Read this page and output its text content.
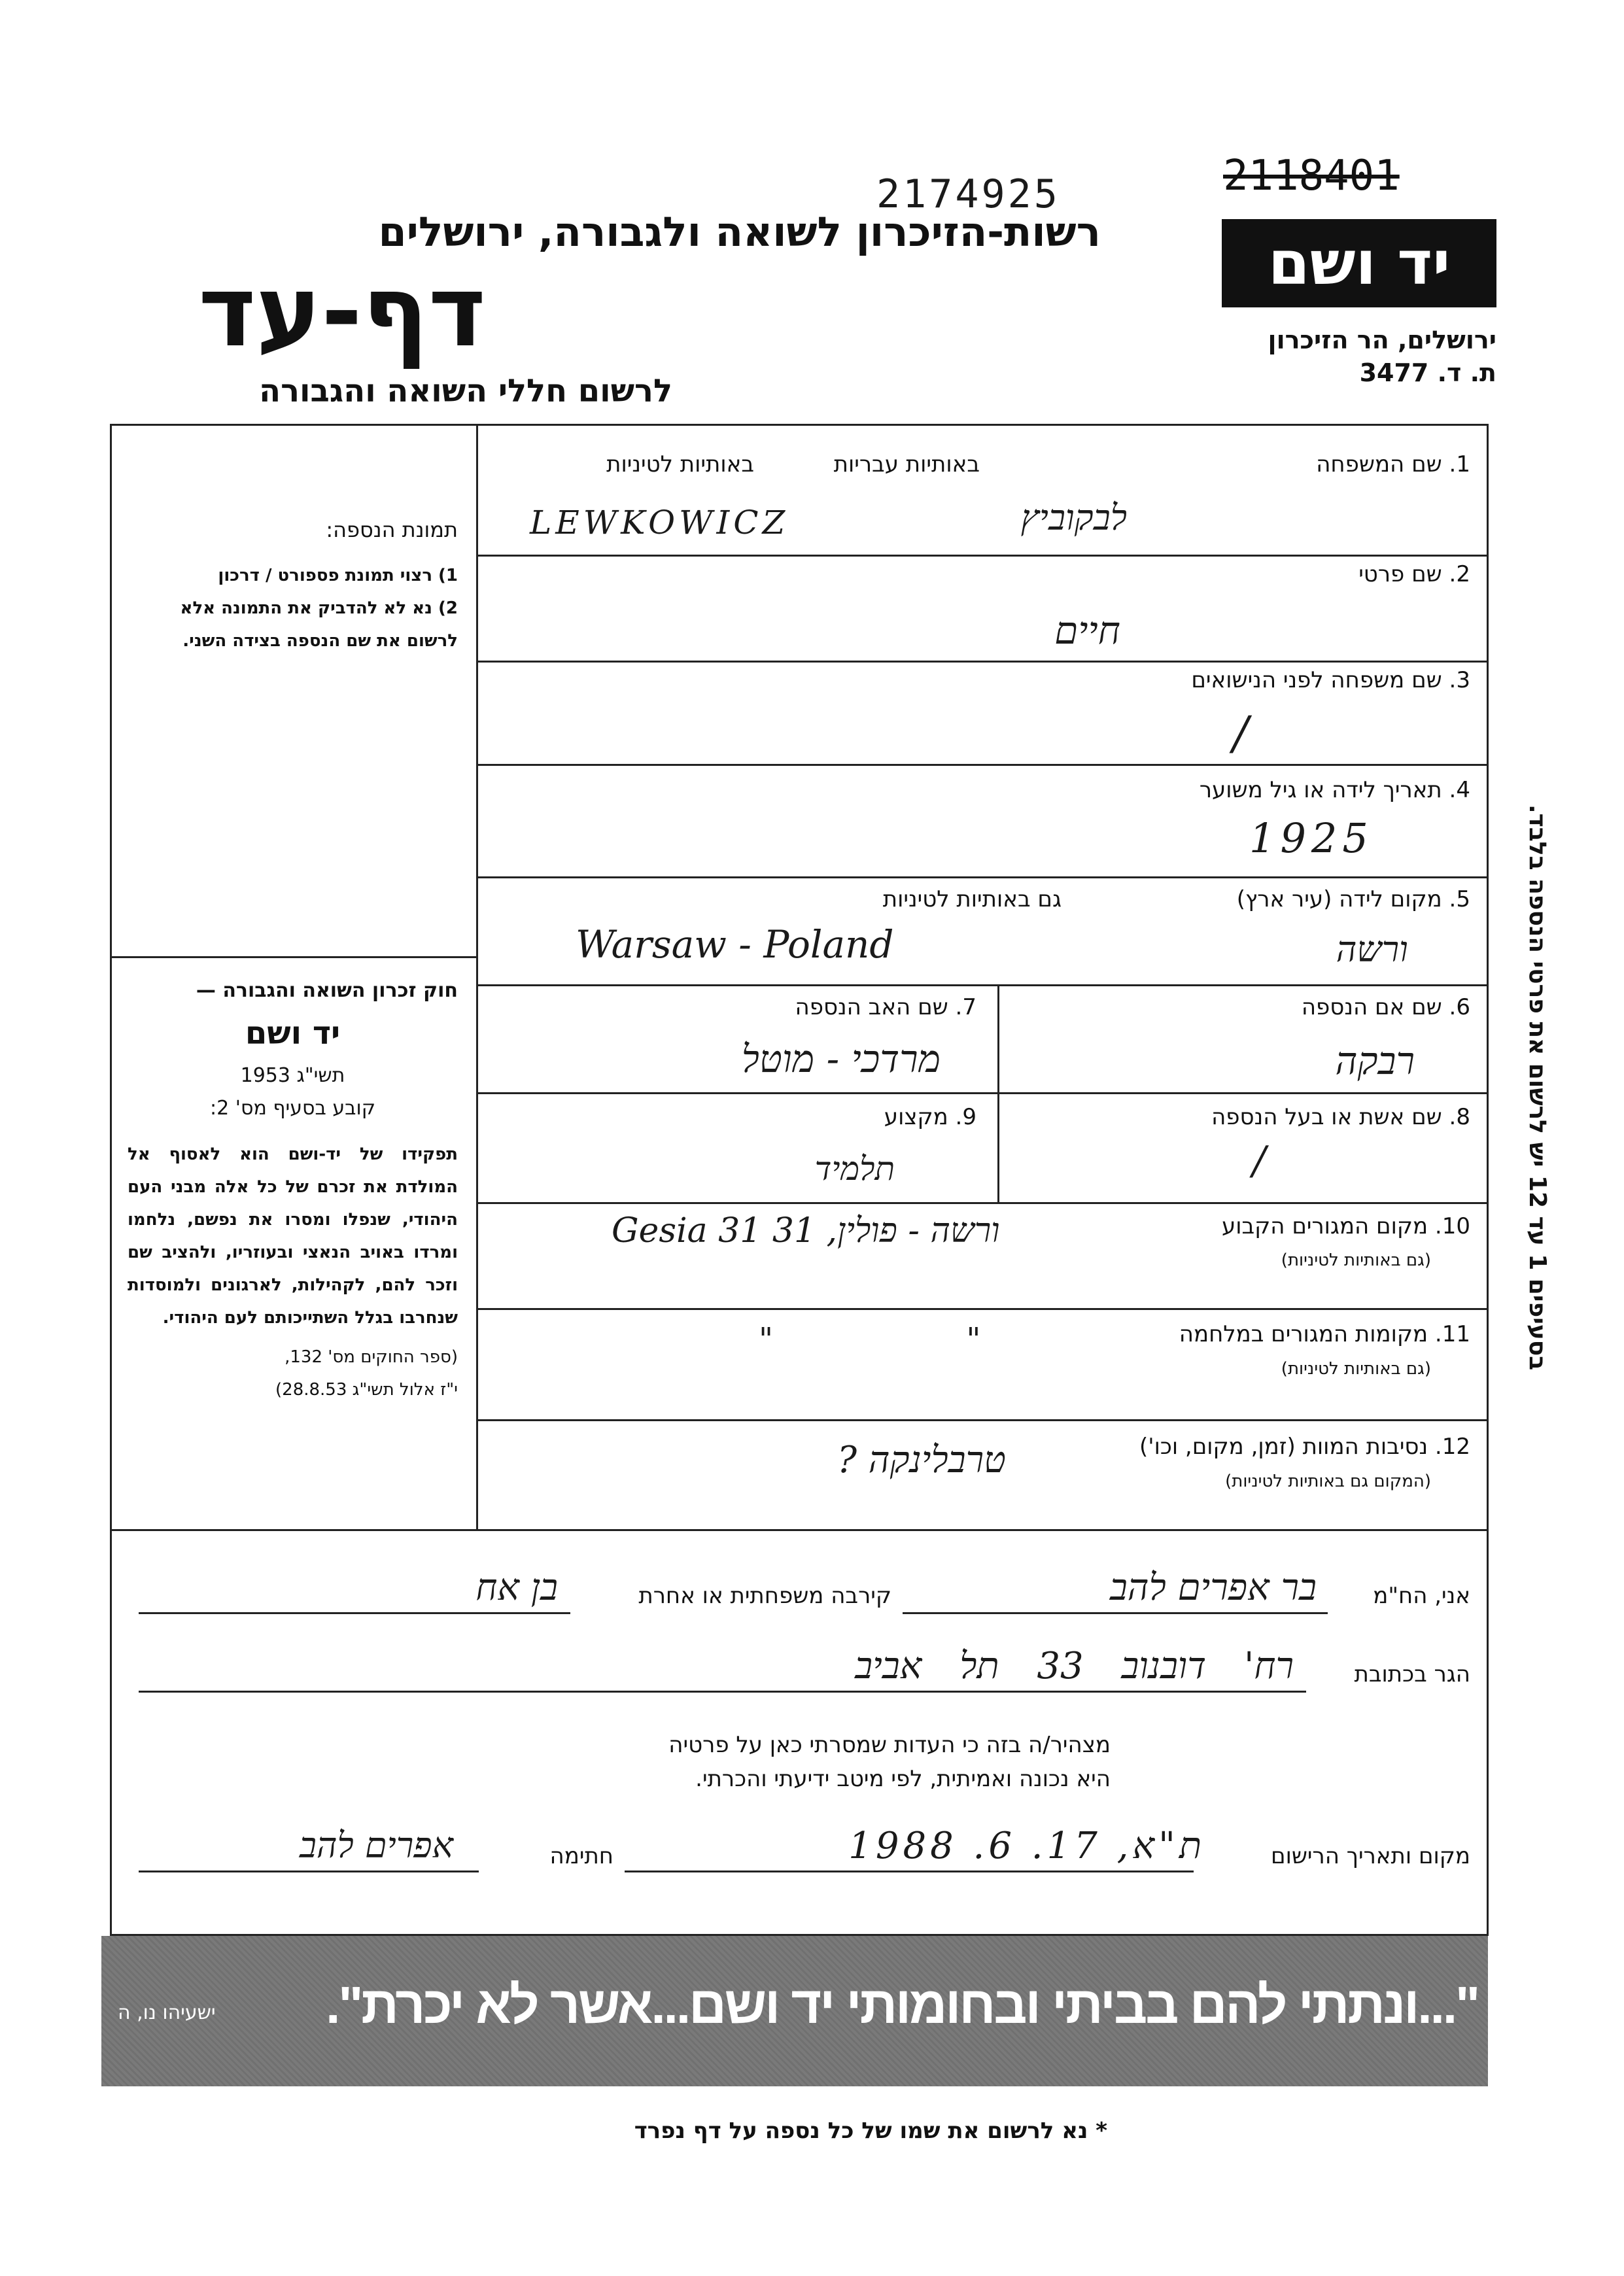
2174925	2118401
רשות-הזיכרון לשואה ולגבורה, ירושלים
דף-עד
לרשום חללי השואה והגבורה
יד ושם
ירושלים, הר הזיכרון
ת. ד. 3477
תמונת הנספה:
1) רצוי תמונת פספורט / דרכון
2) נא לא להדביק את התמונה אלא לרשום את שם הנספה בצידה השני.
חוק זכרון השואה והגבורה —
יד ושם
תשי"ג 1953
קובע בסעיף מס' 2:
תפקידו של יד-ושם הוא לאסוף אל המולדת את זכרם של כל אלה מבני העם היהודי, שנפלו ומסרו את נפשם, נלחמו ומרדו באויב הנאצי ובעוזריו, ולהציב שם וזכר להם, לקהילות, לארגונים ולמוסדות שנחרבו בגלל השתייכותם לעם היהודי.
(ספר החוקים מס' 132,
י"ז אלול תשי"ג 28.8.53)
1. שם המשפחה
באותיות עבריות
באותיות לטיניות
לבקוביץ
LEWKOWICZ
2. שם פרטי
חיים
3. שם משפחה לפני הנישואים
/
4. תאריך לידה או גיל משוער
1925
5. מקום לידה (עיר ארץ)
גם באותיות לטיניות
ורשה
Warsaw - Poland
6. שם אם הנספה
רבקה
7. שם האב הנספה
מרדכי - מוטל
8. שם אשת או בעל הנספה
/
9. מקצוע
תלמיד
10. מקום המגורים הקבוע
(גם באותיות לטיניות)
Gesia 31 ורשה - פולין, 31
11. מקומות המגורים במלחמה
(גם באותיות לטיניות)
" "
12. נסיבות המוות (זמן, מקום, וכו')
(המקום גם באותיות לטיניות)
טרבלינקה ?
בסעיפים 1 עד 12 יש לרשום את פרטי הנספה בלבד.
אני, הח"מ
בר אפרים להב
קירבה משפחתית או אחרת
בן אח
הגר בכתובת
רח' דובנוב 33 תל אביב
מצהיר/ה בזה כי העדות שמסרתי כאן על פרטיה
היא נכונה ואמיתית, לפי מיטב ידיעתי והכרתי.
מקום ותאריך הרישום
ת"א, 17. 6. 1988
חתימה
אפרים להב
"...ונתתי להם בביתי ובחומותי יד ושם...אשר לא יכרת".
ישעיהו נו, ה
* נא לרשום את שמו של כל נספה על דף נפרד
